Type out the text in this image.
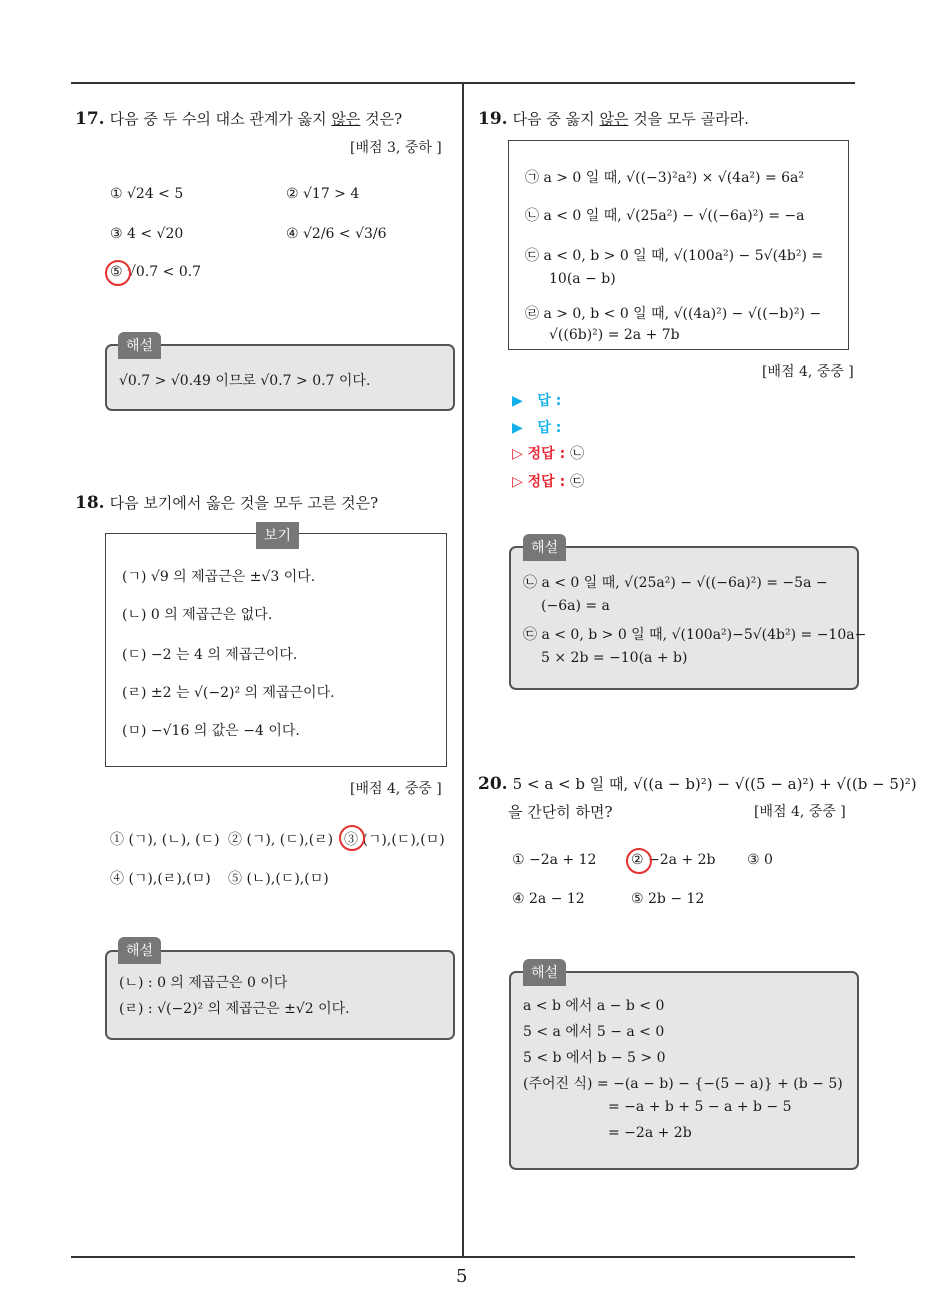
5
17. 다음 중 두 수의 대소 관계가 옳지 않은 것은?
[배점 3, 중하 ]
① √24 < 5	② √17 > 4
③ 4 < √20	④ √2/6 < √3/6
⑤ √0.7 < 0.7
√0.7 > √0.49 이므로 √0.7 > 0.7 이다.
해설
18. 다음 보기에서 옳은 것을 모두 고른 것은?
(ㄱ) √9 의 제곱근은 ±√3 이다.
(ㄴ) 0 의 제곱근은 없다.
(ㄷ) −2 는 4 의 제곱근이다.
(ㄹ) ±2 는 √(−2)² 의 제곱근이다.
(ㅁ) −√16 의 값은 −4 이다.
보기
[배점 4, 중중 ]
① (ㄱ), (ㄴ), (ㄷ) ② (ㄱ), (ㄷ),(ㄹ) ③ (ㄱ),(ㄷ),(ㅁ)
④ (ㄱ),(ㄹ),(ㅁ) ⑤ (ㄴ),(ㄷ),(ㅁ)
(ㄴ) : 0 의 제곱근은 0 이다
(ㄹ) : √(−2)² 의 제곱근은 ±√2 이다.
해설
19. 다음 중 옳지 않은 것을 모두 골라라.
㉠ a > 0 일 때, √((−3)²a²) × √(4a²) = 6a²
㉡ a < 0 일 때, √(25a²) − √((−6a)²) = −a
㉢ a < 0, b > 0 일 때, √(100a²) − 5√(4b²) =
10(a − b)
㉣ a > 0, b < 0 일 때, √((4a)²) − √((−b)²) −
√((6b)²) = 2a + 7b
[배점 4, 중중 ]
▶ 답 :
▶ 답 :
▷ 정답 : ㉡
▷ 정답 : ㉢
㉡ a < 0 일 때, √(25a²) − √((−6a)²) = −5a −
(−6a) = a
㉢ a < 0, b > 0 일 때, √(100a²)−5√(4b²) = −10a−
5 × 2b = −10(a + b)
해설
20. 5 < a < b 일 때, √((a − b)²) − √((5 − a)²) + √((b − 5)²)
을 간단히 하면?	[배점 4, 중중 ]
① −2a + 12 ② −2a + 2b ③ 0
④ 2a − 12	⑤ 2b − 12
a < b 에서 a − b < 0
5 < a 에서 5 − a < 0
5 < b 에서 b − 5 > 0
(주어진 식) = −(a − b) − {−(5 − a)} + (b − 5)
= −a + b + 5 − a + b − 5
= −2a + 2b
해설
